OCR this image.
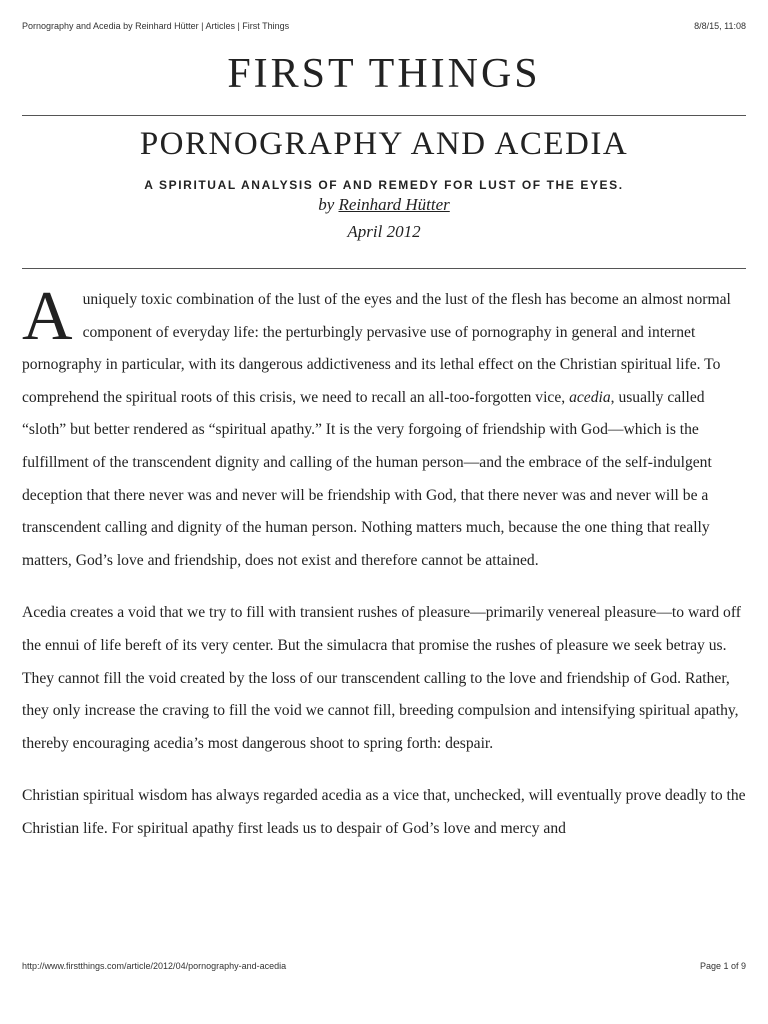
Pornography and Acedia by Reinhard Hütter | Articles | First Things	8/8/15, 11:08
FIRST THINGS
PORNOGRAPHY AND ACEDIA
A SPIRITUAL ANALYSIS OF AND REMEDY FOR LUST OF THE EYES.
by Reinhard Hütter
April 2012

A uniquely toxic combination of the lust of the eyes and the lust of the flesh has become an almost normal component of everyday life: the perturbingly pervasive use of pornography in general and internet pornography in particular, with its dangerous addictiveness and its lethal effect on the Christian spiritual life. To comprehend the spiritual roots of this crisis, we need to recall an all-too-forgotten vice, acedia, usually called “sloth” but better rendered as “spiritual apathy.” It is the very forgoing of friendship with God—which is the fulfillment of the transcendent dignity and calling of the human person—and the embrace of the self-indulgent deception that there never was and never will be friendship with God, that there never was and never will be a transcendent calling and dignity of the human person. Nothing matters much, because the one thing that really matters, God’s love and friendship, does not exist and therefore cannot be attained.

Acedia creates a void that we try to fill with transient rushes of pleasure—primarily venereal pleasure—to ward off the ennui of life bereft of its very center. But the simulacra that promise the rushes of pleasure we seek betray us. They cannot fill the void created by the loss of our transcendent calling to the love and friendship of God. Rather, they only increase the craving to fill the void we cannot fill, breeding compulsion and intensifying spiritual apathy, thereby encouraging acedia’s most dangerous shoot to spring forth: despair.

Christian spiritual wisdom has always regarded acedia as a vice that, unchecked, will eventually prove deadly to the Christian life. For spiritual apathy first leads us to despair of God’s love and mercy and

http://www.firstthings.com/article/2012/04/pornography-and-acedia	Page 1 of 9
